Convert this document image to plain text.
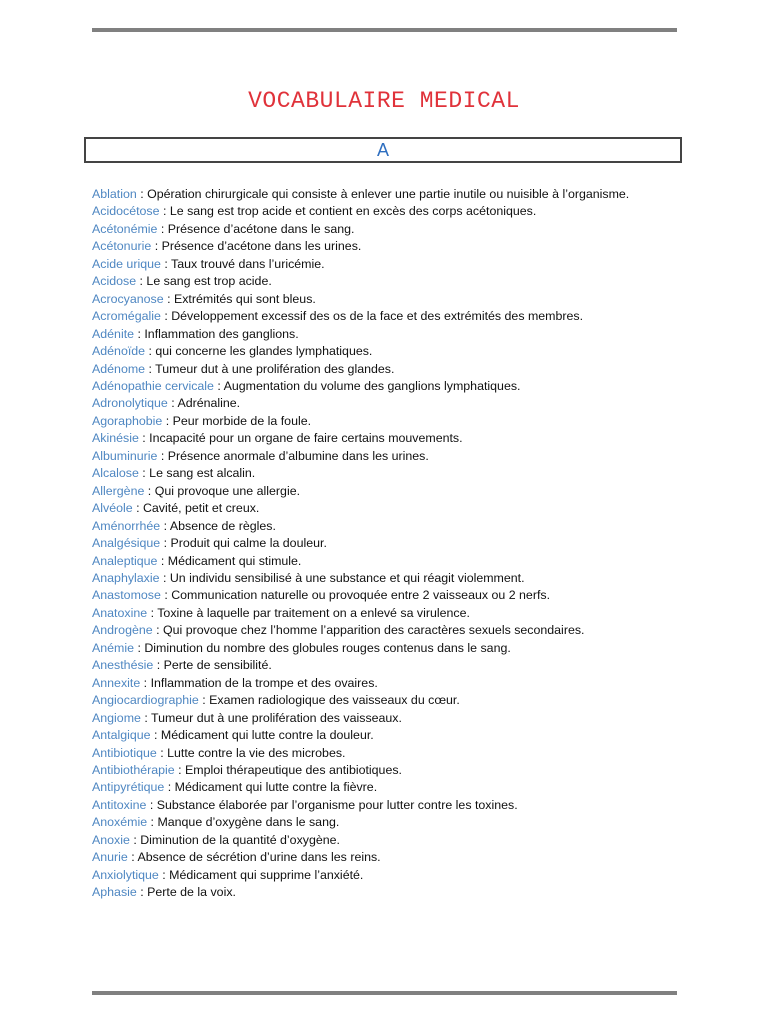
VOCABULAIRE MEDICAL
A
Ablation : Opération chirurgicale qui consiste à enlever une partie inutile ou nuisible à l’organisme.
Acidocétose : Le sang est trop acide et contient en excès des corps acétoniques.
Acétonémie : Présence d’acétone dans le sang.
Acétonurie : Présence d’acétone dans les urines.
Acide urique : Taux trouvé dans l’uricémie.
Acidose : Le sang est trop acide.
Acrocyanose : Extrémités qui sont bleus.
Acromégalie : Développement excessif des os de la face et des extrémités des membres.
Adénite : Inflammation des ganglions.
Adénoïde : qui concerne les glandes lymphatiques.
Adénome : Tumeur dut à une prolifération des glandes.
Adénopathie cervicale : Augmentation du volume des ganglions lymphatiques.
Adronolytique : Adrénaline.
Agoraphobie : Peur morbide de la foule.
Akinésie : Incapacité pour un organe de faire certains mouvements.
Albuminurie : Présence anormale d’albumine dans les urines.
Alcalose : Le sang est alcalin.
Allergène : Qui provoque une allergie.
Alvéole : Cavité, petit et creux.
Aménorrhée : Absence de règles.
Analgésique : Produit qui calme la douleur.
Analeptique : Médicament qui stimule.
Anaphylaxie : Un individu sensibilisé à une substance et qui réagit violemment.
Anastomose : Communication naturelle ou provoquée entre 2 vaisseaux ou 2 nerfs.
Anatoxine : Toxine à laquelle par traitement on a enlevé sa virulence.
Androgène : Qui provoque chez l’homme l’apparition des caractères sexuels secondaires.
Anémie : Diminution du nombre des globules rouges contenus dans le sang.
Anesthésie : Perte de sensibilité.
Annexite : Inflammation de la trompe et des ovaires.
Angiocardiographie : Examen radiologique des vaisseaux du cœur.
Angiome : Tumeur dut à une prolifération des vaisseaux.
Antalgique : Médicament qui lutte contre la douleur.
Antibiotique : Lutte contre la vie des microbes.
Antibiothérapie : Emploi thérapeutique des antibiotiques.
Antipyrétique : Médicament qui lutte contre la fièvre.
Antitoxine : Substance élaborée par l’organisme pour lutter contre les toxines.
Anoxémie : Manque d’oxygène dans le sang.
Anoxie : Diminution de la quantité d’oxygène.
Anurie : Absence de sécrétion d’urine dans les reins.
Anxiolytique : Médicament qui supprime l’anxiété.
Aphasie : Perte de la voix.
